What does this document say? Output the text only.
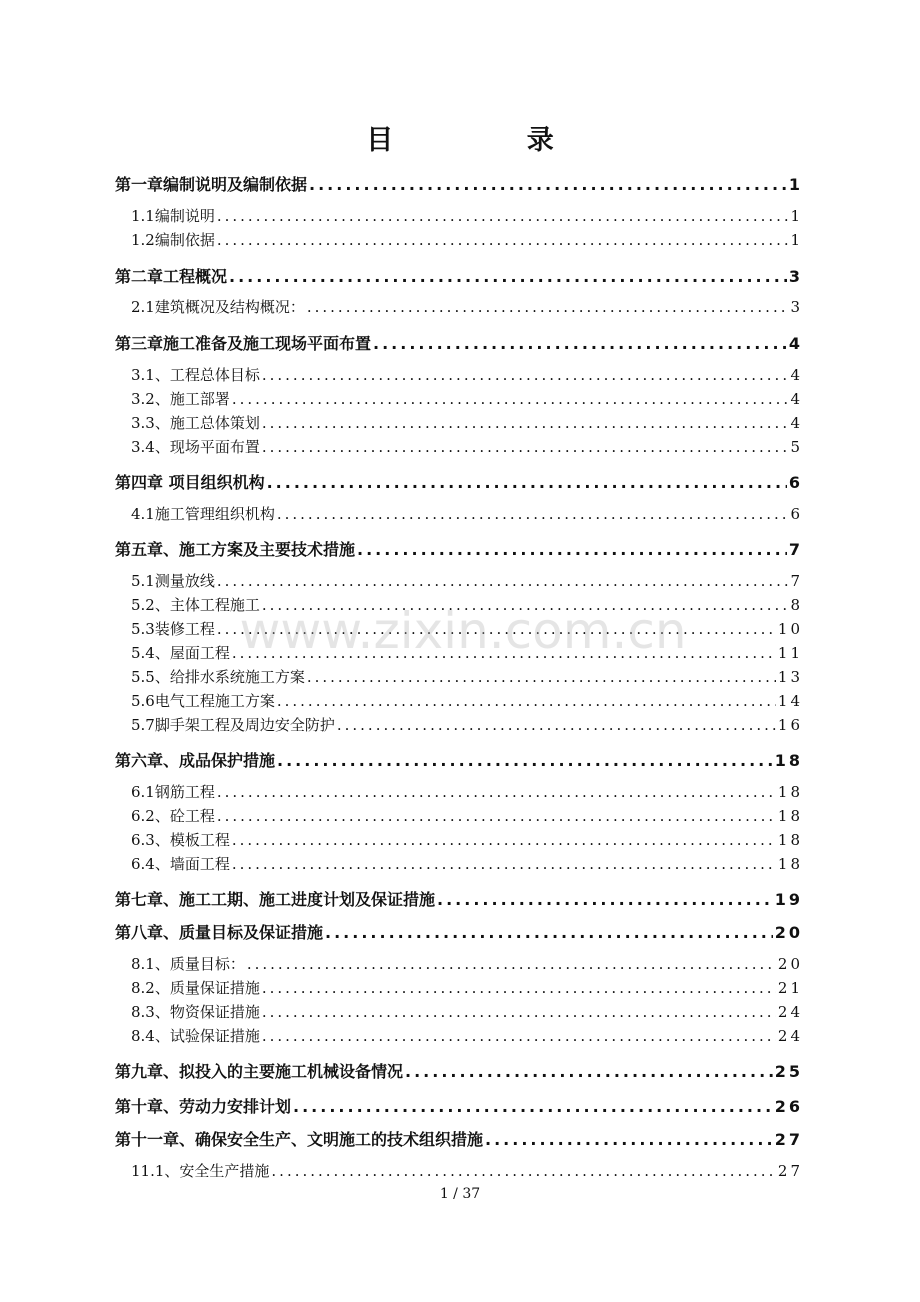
目 录
第一章编制说明及编制依据 .....	1
1.1编制说明 .....	1
1.2编制依据 .....	1
第二章工程概况 .....	3
2.1建筑概况及结构概况： .....	3
第三章施工准备及施工现场平面布置 .....	4
3.1、工程总体目标 .....	4
3.2、施工部署 .....	4
3.3、施工总体策划 .....	4
3.4、现场平面布置 .....	5
第四章 项目组织机构 .....	6
4.1施工管理组织机构 .....	6
第五章、施工方案及主要技术措施 .....	7
5.1测量放线 .....	7
5.2、主体工程施工 .....	8
5.3装修工程 .....	10
5.4、屋面工程 .....	11
5.5、给排水系统施工方案 .....	13
5.6电气工程施工方案 .....	14
5.7脚手架工程及周边安全防护 .....	16
第六章、成品保护措施 .....	18
6.1钢筋工程 .....	18
6.2、砼工程 .....	18
6.3、模板工程 .....	18
6.4、墙面工程 .....	18
第七章、施工工期、施工进度计划及保证措施 .....	19
第八章、质量目标及保证措施 .....	20
8.1、质量目标： .....	20
8.2、质量保证措施 .....	21
8.3、物资保证措施 .....	24
8.4、试验保证措施 .....	24
第九章、拟投入的主要施工机械设备情况 .....	25
第十章、劳动力安排计划 .....	26
第十一章、确保安全生产、文明施工的技术组织措施 .....	27
11.1、安全生产措施 .....	27
www.zixin.com.cn
1 / 37
